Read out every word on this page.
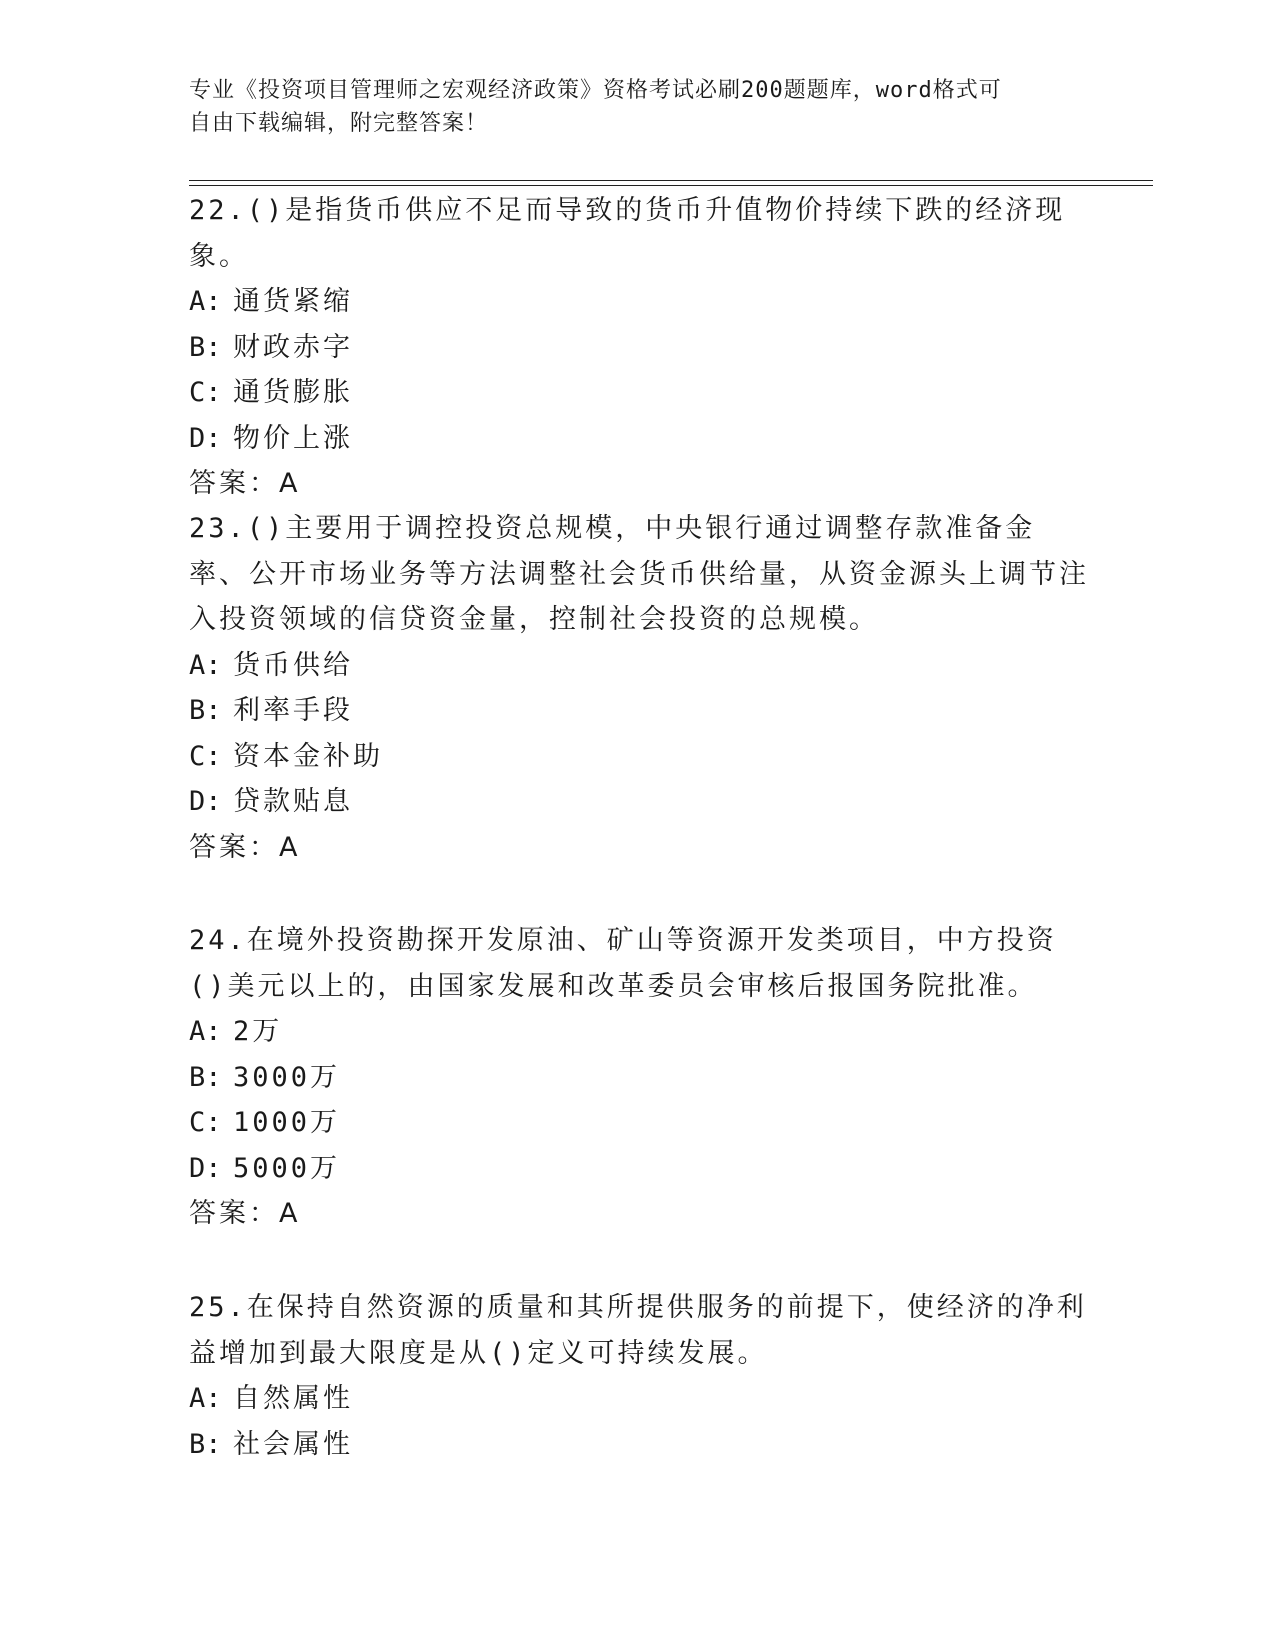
专业《投资项目管理师之宏观经济政策》资格考试必刷200题题库，word格式可
自由下载编辑，附完整答案！
22.()是指货币供应不足而导致的货币升值物价持续下跌的经济现象。
A: 通货紧缩
B: 财政赤字
C: 通货膨胀
D: 物价上涨
答案：A
23.()主要用于调控投资总规模，中央银行通过调整存款准备金率、公开市场业务等方法调整社会货币供给量，从资金源头上调节注入投资领域的信贷资金量，控制社会投资的总规模。
A: 货币供给
B: 利率手段
C: 资本金补助
D: 贷款贴息
答案：A
24.在境外投资勘探开发原油、矿山等资源开发类项目，中方投资()美元以上的，由国家发展和改革委员会审核后报国务院批准。
A: 2万
B: 3000万
C: 1000万
D: 5000万
答案：A
25.在保持自然资源的质量和其所提供服务的前提下，使经济的净利益增加到最大限度是从()定义可持续发展。
A: 自然属性
B: 社会属性
